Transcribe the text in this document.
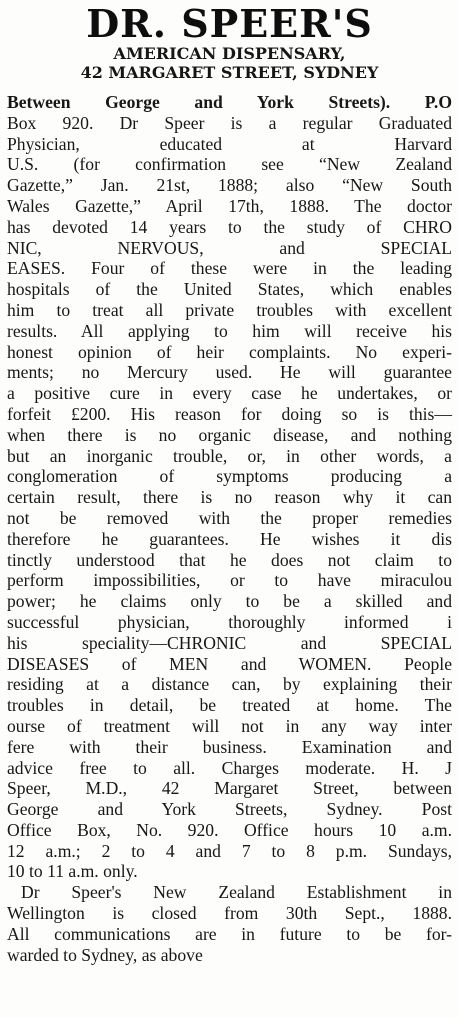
DR. SPEER'S
AMERICAN DISPENSARY,
42 MARGARET STREET, SYDNEY
Between George and York Streets). P.O
Box 920. Dr Speer is a regular Graduated
Physician, educated at Harvard
U.S. (for confirmation see “New Zealand
Gazette,” Jan. 21st, 1888; also “New South
Wales Gazette,” April 17th, 1888. The doctor
has devoted 14 years to the study of CHRO
NIC, NERVOUS, and SPECIAL
EASES. Four of these were in the leading
hospitals of the United States, which enables
him to treat all private troubles with excellent
results. All applying to him will receive his
honest opinion of heir complaints. No experi-
ments; no Mercury used. He will guarantee
a positive cure in every case he undertakes, or
forfeit £200. His reason for doing so is this—
when there is no organic disease, and nothing
but an inorganic trouble, or, in other words, a
conglomeration of symptoms producing a
certain result, there is no reason why it can
not be removed with the proper remedies
therefore he guarantees. He wishes it dis
tinctly understood that he does not claim to
perform impossibilities, or to have miraculou
power; he claims only to be a skilled and
successful physician, thoroughly informed i
his speciality—CHRONIC and SPECIAL
DISEASES of MEN and WOMEN. People
residing at a distance can, by explaining their
troubles in detail, be treated at home. The
ourse of treatment will not in any way inter
fere with their business. Examination and
advice free to all. Charges moderate. H. J
Speer, M.D., 42 Margaret Street, between
George and York Streets, Sydney. Post
Office Box, No. 920. Office hours 10 a.m.
12 a.m.; 2 to 4 and 7 to 8 p.m. Sundays,
10 to 11 a.m. only.
Dr Speer's New Zealand Establishment in
Wellington is closed from 30th Sept., 1888.
All communications are in future to be for-
warded to Sydney, as above
